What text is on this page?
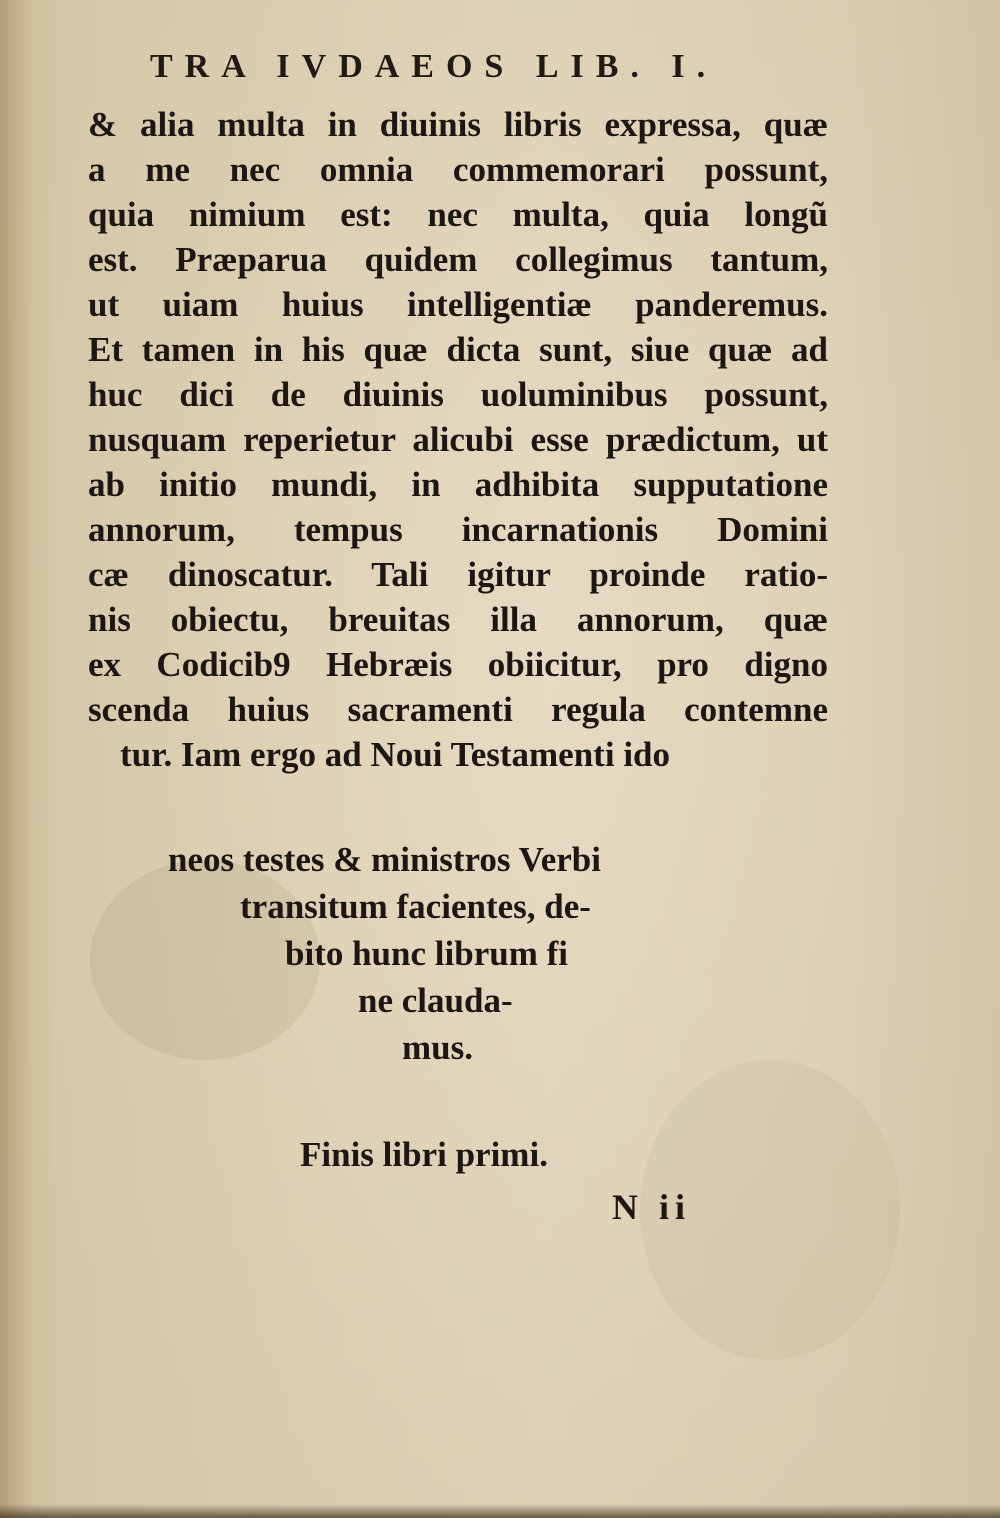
TRA IVDAEOS LIB. I.
& alia multa in diuinis libris expressa, quæ
a me nec omnia commemorari possunt,
quia nimium est: nec multa, quia longũ
est. Præparua quidem collegimus tantum,
ut uiam huius intelligentiæ panderemus.
Et tamen in his quæ dicta sunt, siue quæ ad
huc dici de diuinis uoluminibus possunt,
nusquam reperietur alicubi esse prædictum, ut
ab initio mundi, in adhibita supputatione
annorum, tempus incarnationis Domini
cæ dinoscatur. Tali igitur proinde ratio-
nis obiectu, breuitas illa annorum, quæ
ex Codicib9 Hebræis obiicitur, pro digno
scenda huius sacramenti regula contemne
tur. Iam ergo ad Noui Testamenti ido
neos testes & ministros Verbi
transitum facientes, de-
bito hunc librum fi
ne clauda-
mus.
Finis libri primi.
N ii
